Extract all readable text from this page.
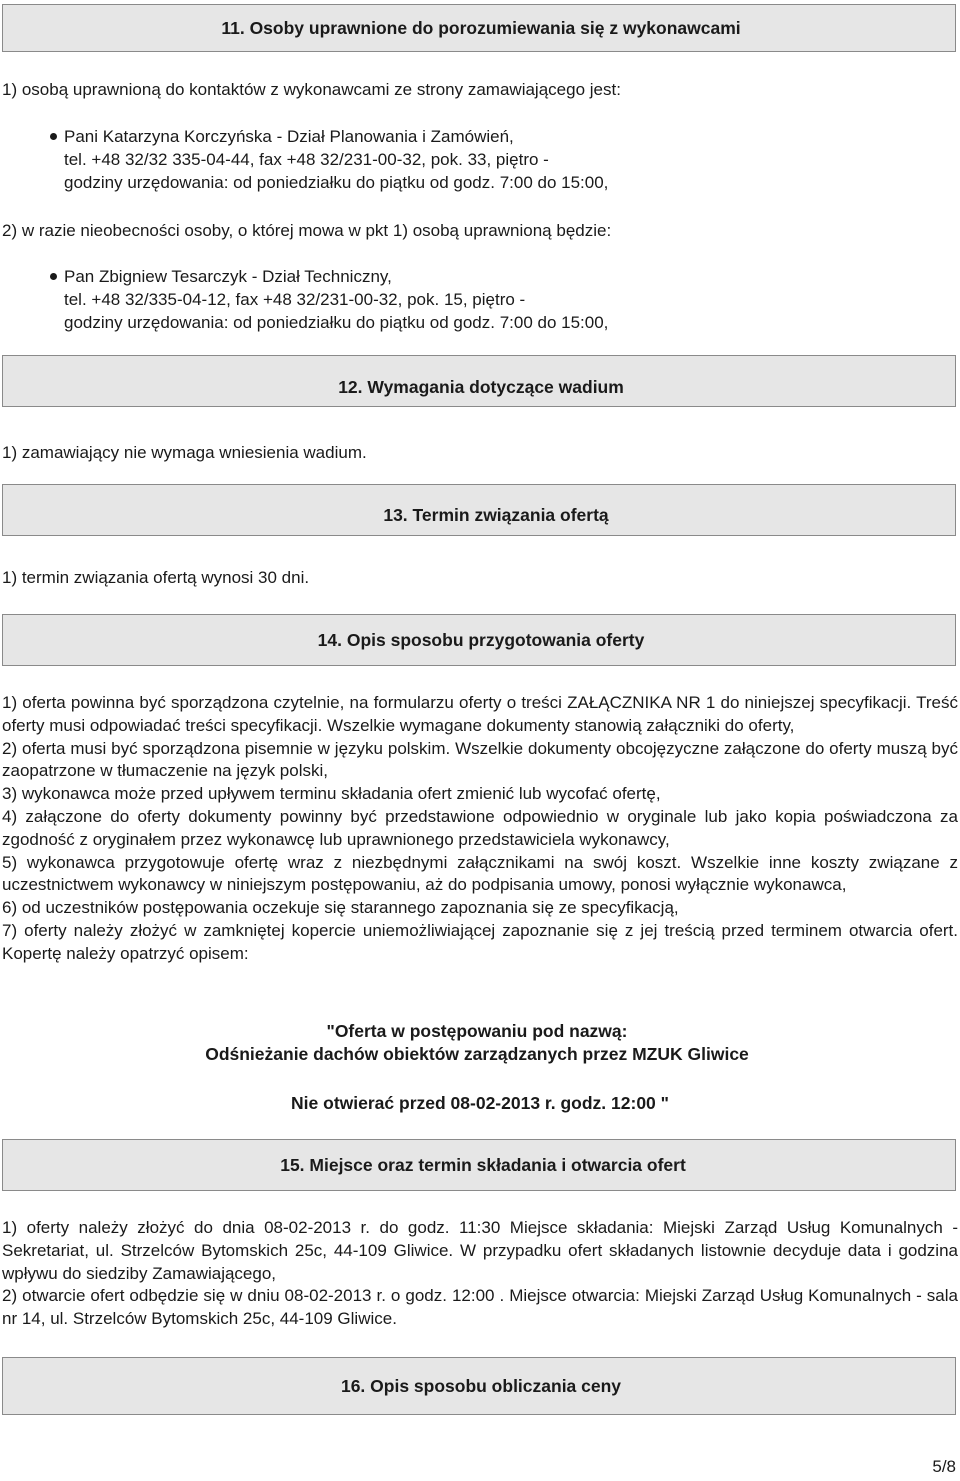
11. Osoby uprawnione do porozumiewania się z wykonawcami
1) osobą uprawnioną do kontaktów z wykonawcami ze strony zamawiającego jest:
Pani Katarzyna Korczyńska - Dział Planowania i Zamówień,
tel. +48 32/32 335-04-44, fax +48 32/231-00-32, pok. 33, piętro -
godziny urzędowania: od poniedziałku do piątku od godz. 7:00 do 15:00,
2) w razie nieobecności osoby, o której mowa w pkt 1) osobą uprawnioną będzie:
Pan Zbigniew Tesarczyk - Dział Techniczny,
tel. +48 32/335-04-12, fax +48 32/231-00-32, pok. 15, piętro -
godziny urzędowania: od poniedziałku do piątku od godz. 7:00 do 15:00,
12. Wymagania dotyczące wadium
1) zamawiający nie wymaga wniesienia wadium.
13. Termin związania ofertą
1) termin związania ofertą wynosi 30 dni.
14. Opis sposobu przygotowania oferty

1) oferta powinna być sporządzona czytelnie, na formularzu oferty o treści ZAŁĄCZNIKA NR 1 do niniejszej specyfikacji. Treść oferty musi odpowiadać treści specyfikacji. Wszelkie wymagane dokumenty stanowią załączniki do oferty,

2) oferta musi być sporządzona pisemnie w języku polskim. Wszelkie dokumenty obcojęzyczne załączone do oferty muszą być zaopatrzone w tłumaczenie na język polski,

3) wykonawca może przed upływem terminu składania ofert zmienić lub wycofać ofertę,

4) załączone do oferty dokumenty powinny być przedstawione odpowiednio w oryginale lub jako kopia poświadczona za zgodność z oryginałem przez wykonawcę lub uprawnionego przedstawiciela wykonawcy,

5) wykonawca przygotowuje ofertę wraz z niezbędnymi załącznikami na swój koszt. Wszelkie inne koszty związane z uczestnictwem wykonawcy w niniejszym postępowaniu, aż do podpisania umowy, ponosi wyłącznie wykonawca,

6) od uczestników postępowania oczekuje się starannego zapoznania się ze specyfikacją,

7) oferty należy złożyć w zamkniętej kopercie uniemożliwiającej zapoznanie się z jej treścią przed terminem otwarcia ofert. Kopertę należy opatrzyć opisem:

"Oferta w postępowaniu pod nazwą:
Odśnieżanie dachów obiektów zarządzanych przez MZUK Gliwice
Nie otwierać przed 08-02-2013 r. godz. 12:00 "
15. Miejsce oraz termin składania i otwarcia ofert

1) oferty należy złożyć do dnia 08-02-2013 r. do godz. 11:30 Miejsce składania: Miejski Zarząd Usług Komunalnych - Sekretariat, ul. Strzelców Bytomskich 25c, 44-109 Gliwice. W przypadku ofert składanych listownie decyduje data i godzina wpływu do siedziby Zamawiającego,

2) otwarcie ofert odbędzie się w dniu 08-02-2013 r. o godz. 12:00 . Miejsce otwarcia: Miejski Zarząd Usług Komunalnych - sala nr 14, ul. Strzelców Bytomskich 25c, 44-109 Gliwice.

16. Opis sposobu obliczania ceny
5/8
